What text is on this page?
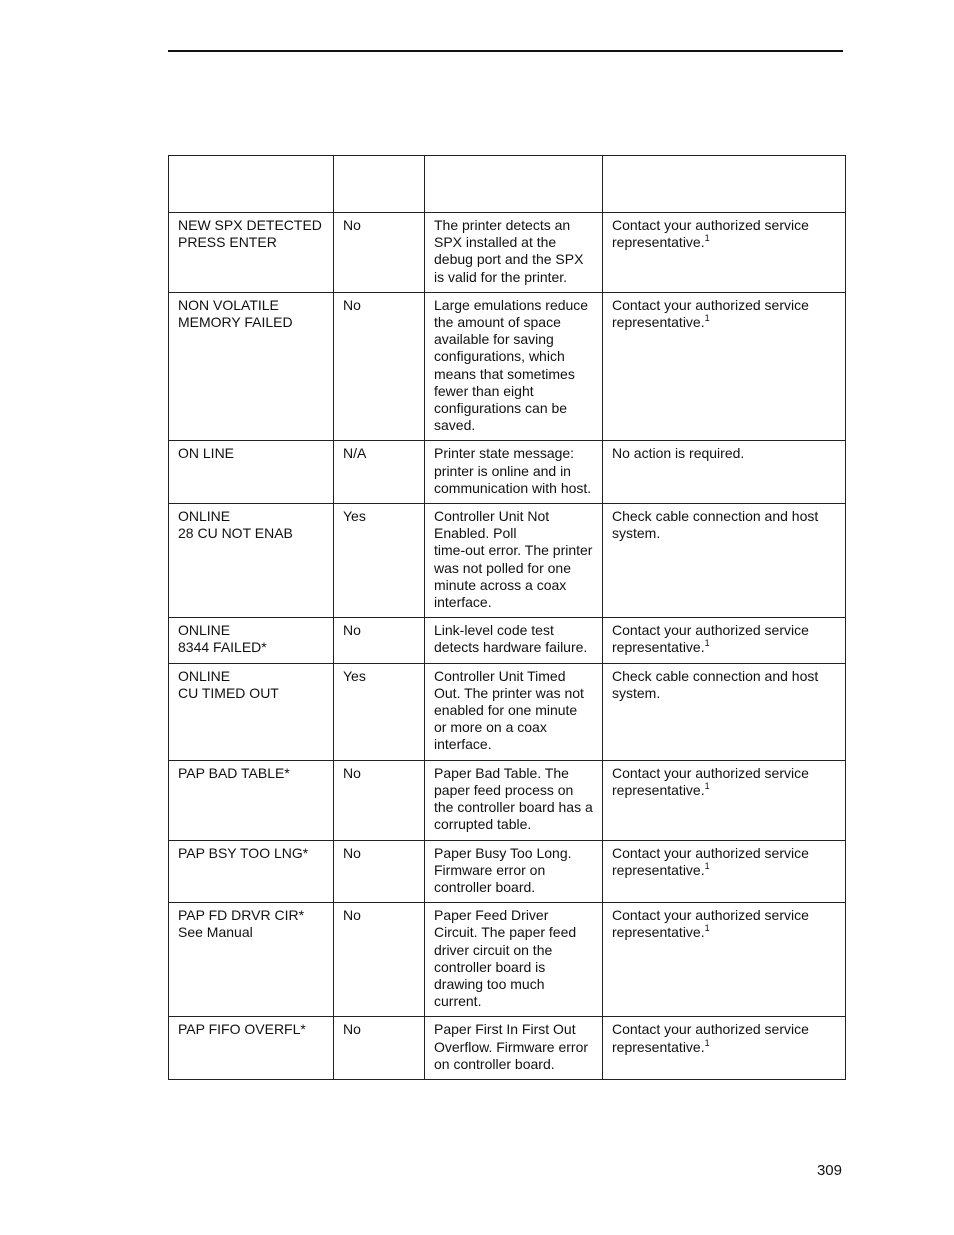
NEW SPX DETECTED
PRESS ENTER	No	The printer detects an SPX installed at the debug port and the SPX is valid for the printer.	Contact your authorized service representative.$^1$

NON VOLATILE
MEMORY FAILED	No	Large emulations reduce the amount of space available for saving configurations, which means that sometimes fewer than eight configurations can be saved.	Contact your authorized service representative.$^1$

ON LINE	N/A	Printer state message: printer is online and in communication with host.	No action is required.

ONLINE
28 CU NOT ENAB	Yes	Controller Unit Not Enabled. Poll
time-out error. The printer was not polled for one minute across a coax interface.	Check cable connection and host system.

ONLINE
8344 FAILED*	No	Link-level code test detects hardware failure.	Contact your authorized service representative.$^1$

ONLINE
CU TIMED OUT	Yes	Controller Unit Timed Out. The printer was not enabled for one minute or more on a coax interface.	Check cable connection and host system.

PAP BAD TABLE*	No	Paper Bad Table. The paper feed process on the controller board has a corrupted table.	Contact your authorized service representative.$^1$

PAP BSY TOO LNG*	No	Paper Busy Too Long. Firmware error on controller board.	Contact your authorized service representative.$^1$

PAP FD DRVR CIR*
See Manual	No	Paper Feed Driver Circuit. The paper feed driver circuit on the controller board is drawing too much current.	Contact your authorized service representative.$^1$

PAP FIFO OVERFL*	No	Paper First In First Out Overflow. Firmware error on controller board.	Contact your authorized service representative.$^1$
309
